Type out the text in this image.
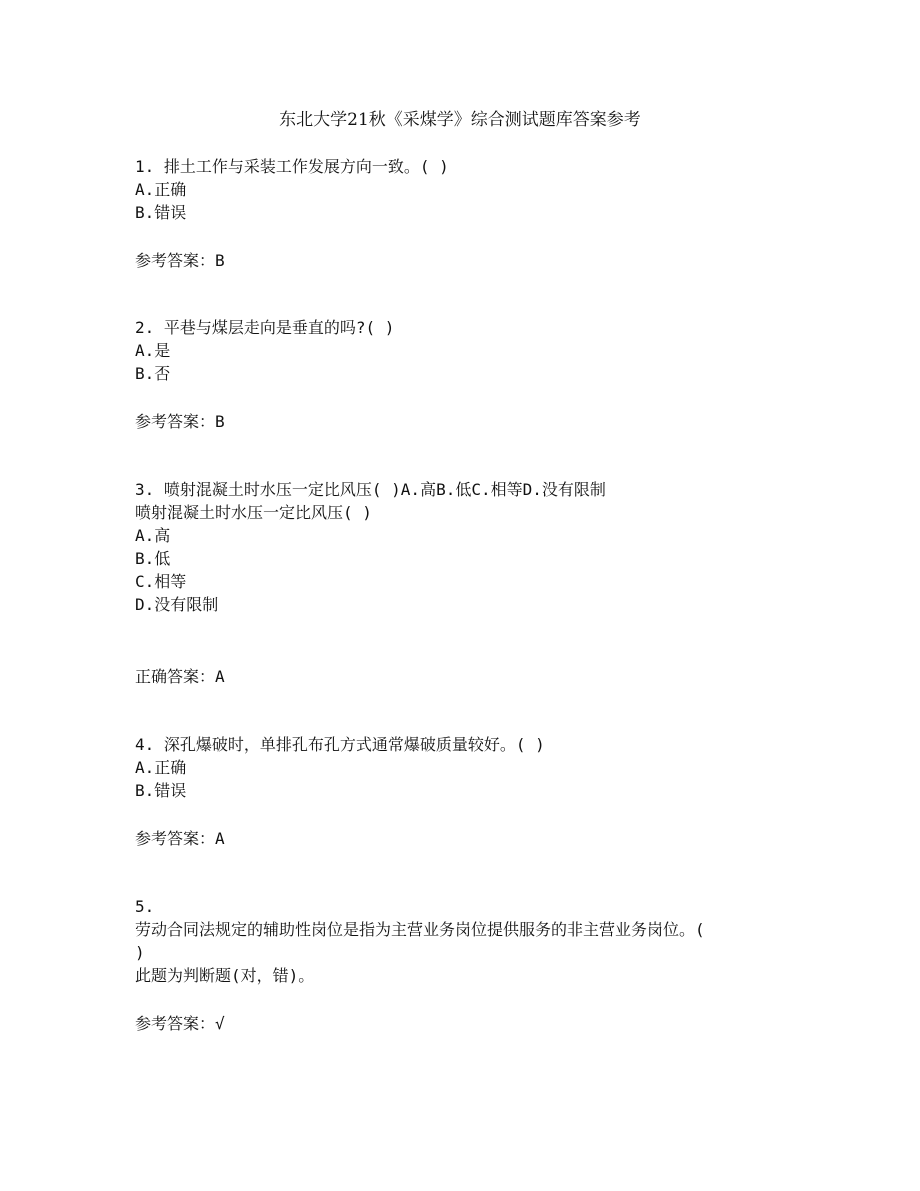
东北大学21秋《采煤学》综合测试题库答案参考
1. 排土工作与采装工作发展方向一致。( )
A.正确
B.错误
参考答案：B
2. 平巷与煤层走向是垂直的吗?( )
A.是
B.否
参考答案：B
3. 喷射混凝土时水压一定比风压( )A.高B.低C.相等D.没有限制
喷射混凝土时水压一定比风压( )
A.高
B.低
C.相等
D.没有限制
正确答案：A
4. 深孔爆破时，单排孔布孔方式通常爆破质量较好。( )
A.正确
B.错误
参考答案：A
5.
劳动合同法规定的辅助性岗位是指为主营业务岗位提供服务的非主营业务岗位。(
)
此题为判断题(对，错)。
参考答案：√
